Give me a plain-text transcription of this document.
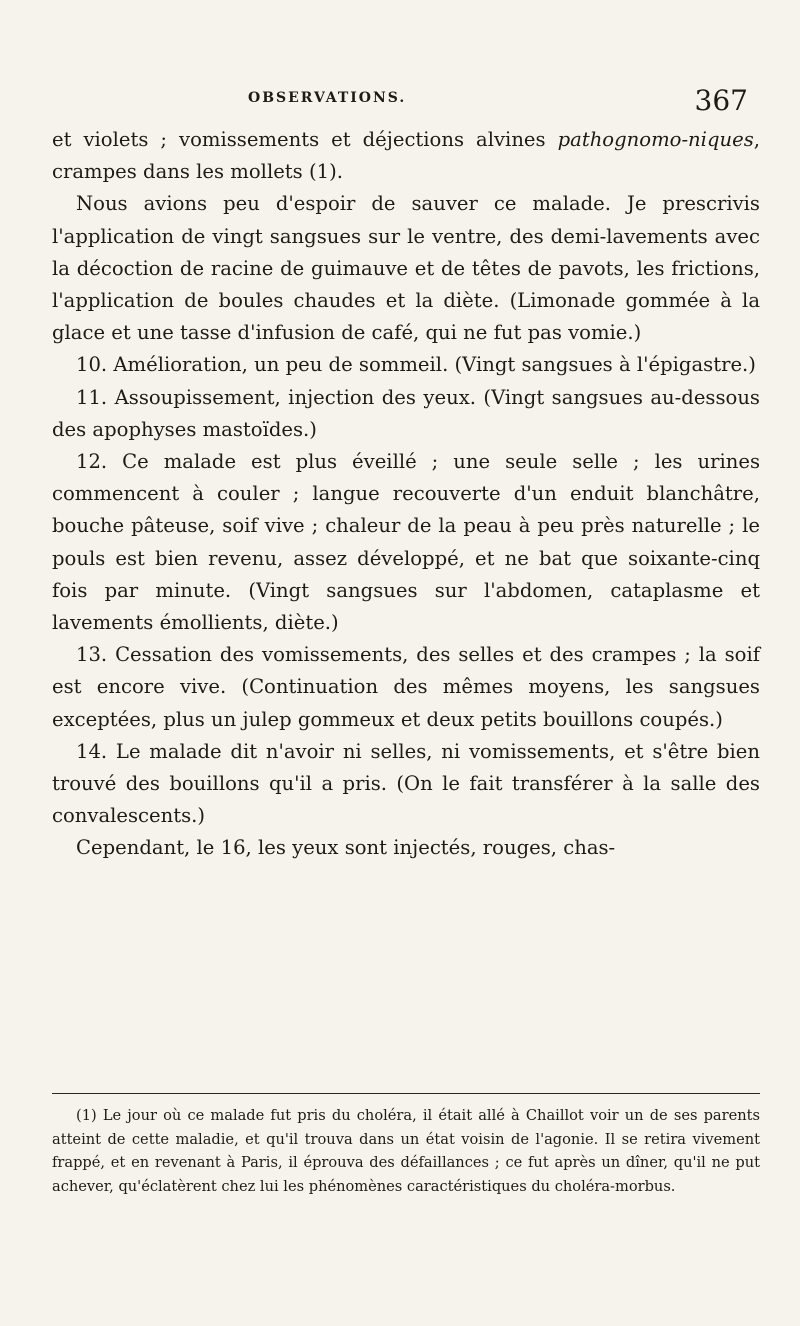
OBSERVATIONS.	367

et violets ; vomissements et déjections alvines pathognomo-niques, crampes dans les mollets (1).

Nous avions peu d'espoir de sauver ce malade. Je prescrivis l'application de vingt sangsues sur le ventre, des demi-lavements avec la décoction de racine de guimauve et de têtes de pavots, les frictions, l'application de boules chaudes et la diète. (Limonade gommée à la glace et une tasse d'infusion de café, qui ne fut pas vomie.)

10. Amélioration, un peu de sommeil. (Vingt sangsues à l'épigastre.)

11. Assoupissement, injection des yeux. (Vingt sangsues au-dessous des apophyses mastoïdes.)

12. Ce malade est plus éveillé ; une seule selle ; les urines commencent à couler ; langue recouverte d'un enduit blanchâtre, bouche pâteuse, soif vive ; chaleur de la peau à peu près naturelle ; le pouls est bien revenu, assez développé, et ne bat que soixante-cinq fois par minute. (Vingt sangsues sur l'abdomen, cataplasme et lavements émollients, diète.)

13. Cessation des vomissements, des selles et des crampes ; la soif est encore vive. (Continuation des mêmes moyens, les sangsues exceptées, plus un julep gommeux et deux petits bouillons coupés.)

14. Le malade dit n'avoir ni selles, ni vomissements, et s'être bien trouvé des bouillons qu'il a pris. (On le fait transférer à la salle des convalescents.)

Cependant, le 16, les yeux sont injectés, rouges, chas-

(1) Le jour où ce malade fut pris du choléra, il était allé à Chaillot voir un de ses parents atteint de cette maladie, et qu'il trouva dans un état voisin de l'agonie. Il se retira vivement frappé, et en revenant à Paris, il éprouva des défaillances ; ce fut après un dîner, qu'il ne put achever, qu'éclatèrent chez lui les phénomènes caractéristiques du choléra-morbus.
